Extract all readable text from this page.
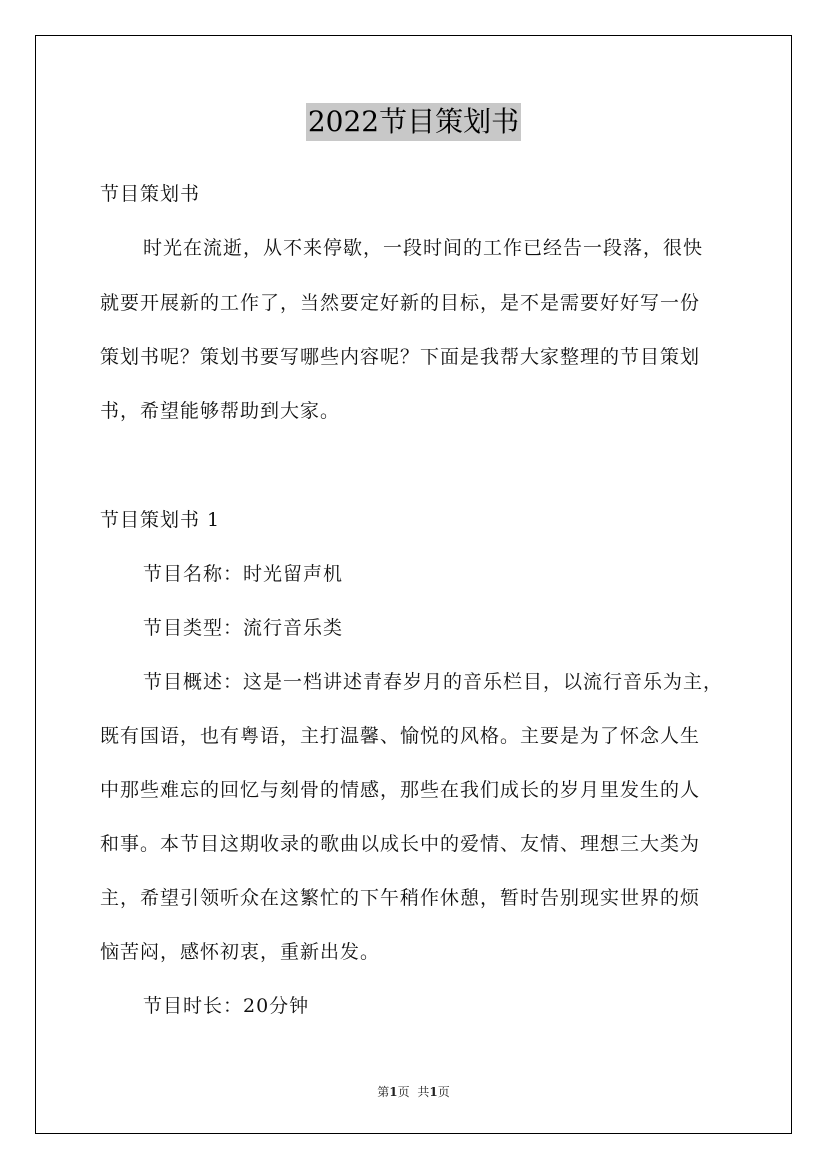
2022节目策划书
节目策划书
时光在流逝，从不来停歇，一段时间的工作已经告一段落，很快
就要开展新的工作了，当然要定好新的目标，是不是需要好好写一份
策划书呢？策划书要写哪些内容呢？下面是我帮大家整理的节目策划
书，希望能够帮助到大家。
节目策划书 1
节目名称：时光留声机
节目类型：流行音乐类
节目概述：这是一档讲述青春岁月的音乐栏目，以流行音乐为主，
既有国语，也有粤语，主打温馨、愉悦的风格。主要是为了怀念人生
中那些难忘的回忆与刻骨的情感，那些在我们成长的岁月里发生的人
和事。本节目这期收录的歌曲以成长中的爱情、友情、理想三大类为
主，希望引领听众在这繁忙的下午稍作休憩，暂时告别现实世界的烦
恼苦闷，感怀初衷，重新出发。
节目时长：20分钟
第1页 共1页
